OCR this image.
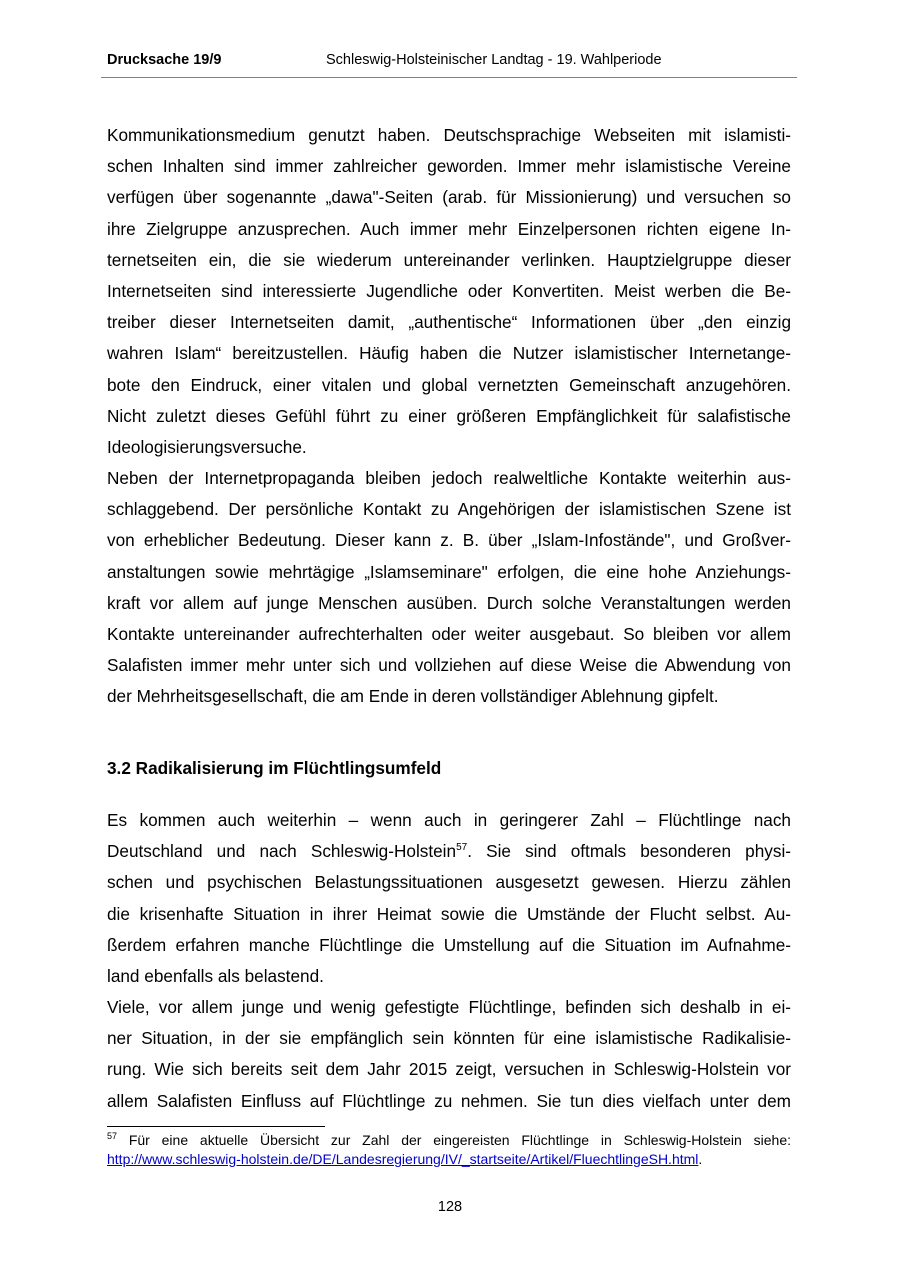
Drucksache 19/9	Schleswig-Holsteinischer Landtag - 19. Wahlperiode
Kommunikationsmedium genutzt haben. Deutschsprachige Webseiten mit islamisti-
schen Inhalten sind immer zahlreicher geworden. Immer mehr islamistische Vereine
verfügen über sogenannte „dawa"-Seiten (arab. für Missionierung) und versuchen so
ihre Zielgruppe anzusprechen. Auch immer mehr Einzelpersonen richten eigene In-
ternetseiten ein, die sie wiederum untereinander verlinken. Hauptzielgruppe dieser
Internetseiten sind interessierte Jugendliche oder Konvertiten. Meist werben die Be-
treiber dieser Internetseiten damit, „authentische“ Informationen über „den einzig
wahren Islam“ bereitzustellen. Häufig haben die Nutzer islamistischer Internetange-
bote den Eindruck, einer vitalen und global vernetzten Gemeinschaft anzugehören.
Nicht zuletzt dieses Gefühl führt zu einer größeren Empfänglichkeit für salafistische
Ideologisierungsversuche.
Neben der Internetpropaganda bleiben jedoch realweltliche Kontakte weiterhin aus-
schlaggebend. Der persönliche Kontakt zu Angehörigen der islamistischen Szene ist
von erheblicher Bedeutung. Dieser kann z. B. über „Islam-Infostände", und Großver-
anstaltungen sowie mehrtägige „Islamseminare" erfolgen, die eine hohe Anziehungs-
kraft vor allem auf junge Menschen ausüben. Durch solche Veranstaltungen werden
Kontakte untereinander aufrechterhalten oder weiter ausgebaut. So bleiben vor allem
Salafisten immer mehr unter sich und vollziehen auf diese Weise die Abwendung von
der Mehrheitsgesellschaft, die am Ende in deren vollständiger Ablehnung gipfelt.
3.2 Radikalisierung im Flüchtlingsumfeld
Es kommen auch weiterhin – wenn auch in geringerer Zahl – Flüchtlinge nach
Deutschland und nach Schleswig-Holstein$^{57}$. Sie sind oftmals besonderen physi-
schen und psychischen Belastungssituationen ausgesetzt gewesen. Hierzu zählen
die krisenhafte Situation in ihrer Heimat sowie die Umstände der Flucht selbst. Au-
ßerdem erfahren manche Flüchtlinge die Umstellung auf die Situation im Aufnahme-
land ebenfalls als belastend.
Viele, vor allem junge und wenig gefestigte Flüchtlinge, befinden sich deshalb in ei-
ner Situation, in der sie empfänglich sein könnten für eine islamistische Radikalisie-
rung. Wie sich bereits seit dem Jahr 2015 zeigt, versuchen in Schleswig-Holstein vor
allem Salafisten Einfluss auf Flüchtlinge zu nehmen. Sie tun dies vielfach unter dem
$^{57}$ Für eine aktuelle Übersicht zur Zahl der eingereisten Flüchtlinge in Schleswig-Holstein siehe:
http://www.schleswig-holstein.de/DE/Landesregierung/IV/_startseite/Artikel/FluechtlingeSH.html.
128
